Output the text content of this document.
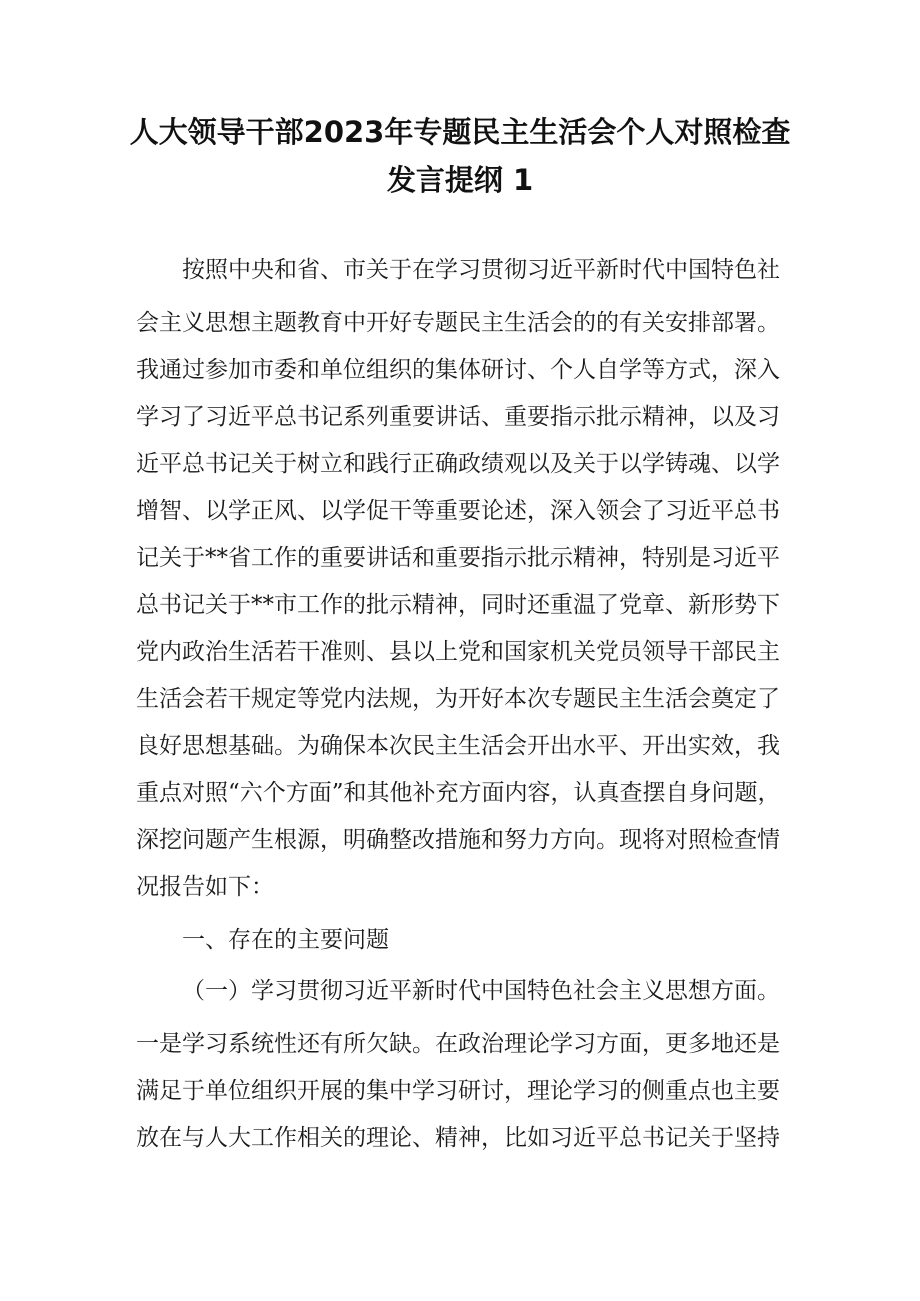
人大领导干部2023年专题民主生活会个人对照检查
发言提纲 1

按照中央和省、市关于在学习贯彻习近平新时代中国特色社

会主义思想主题教育中开好专题民主生活会的的有关安排部署。

我通过参加市委和单位组织的集体研讨、个人自学等方式，深入

学习了习近平总书记系列重要讲话、重要指示批示精神，以及习

近平总书记关于树立和践行正确政绩观以及关于以学铸魂、以学

增智、以学正风、以学促干等重要论述，深入领会了习近平总书

记关于**省工作的重要讲话和重要指示批示精神，特别是习近平

总书记关于**市工作的批示精神，同时还重温了党章、新形势下

党内政治生活若干准则、县以上党和国家机关党员领导干部民主

生活会若干规定等党内法规，为开好本次专题民主生活会奠定了

良好思想基础。为确保本次民主生活会开出水平、开出实效，我

重点对照“六个方面”和其他补充方面内容，认真查摆自身问题，

深挖问题产生根源，明确整改措施和努力方向。现将对照检查情

况报告如下：

一、存在的主要问题

（一）学习贯彻习近平新时代中国特色社会主义思想方面。

一是学习系统性还有所欠缺。在政治理论学习方面，更多地还是

满足于单位组织开展的集中学习研讨，理论学习的侧重点也主要

放在与人大工作相关的理论、精神，比如习近平总书记关于坚持
